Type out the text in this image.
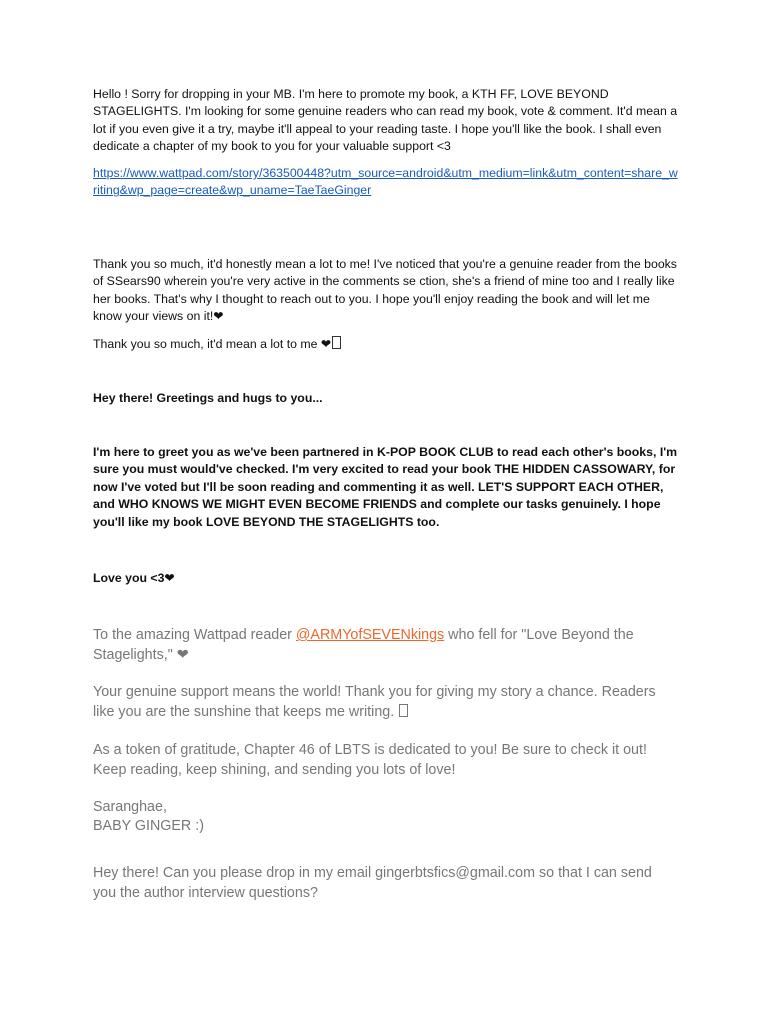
Hello ! Sorry for dropping in your MB. I'm here to promote my book, a KTH FF, LOVE BEYOND STAGELIGHTS. I'm looking for some genuine readers who can read my book, vote & comment. It'd mean a lot if you even give it a try, maybe it'll appeal to your reading taste. I hope you'll like the book. I shall even dedicate a chapter of my book to you for your valuable support <3

https://www.wattpad.com/story/363500448?utm_source=android&utm_medium=link&utm_content=share_writing&wp_page=create&wp_uname=TaeTaeGinger

Thank you so much, it'd honestly mean a lot to me! I've noticed that you're a genuine reader from the books of SSears90 wherein you're very active in the comments se ction, she's a friend of mine too and I really like her books. That's why I thought to reach out to you. I hope you'll enjoy reading the book and will let me know your views on it!❤

Thank you so much, it'd mean a lot to me ❤

Hey there! Greetings and hugs to you...

I'm here to greet you as we've been partnered in K-POP BOOK CLUB to read each other's books, I'm sure you must would've checked. I'm very excited to read your book THE HIDDEN CASSOWARY, for now I've voted but I'll be soon reading and commenting it as well. LET'S SUPPORT EACH OTHER, and WHO KNOWS WE MIGHT EVEN BECOME FRIENDS and complete our tasks genuinely. I hope you'll like my book LOVE BEYOND THE STAGELIGHTS too.

Love you <3❤

To the amazing Wattpad reader @ARMYofSEVENkings who fell for "Love Beyond the Stagelights," ❤

Your genuine support means the world! Thank you for giving my story a chance. Readers like you are the sunshine that keeps me writing.

As a token of gratitude, Chapter 46 of LBTS is dedicated to you! Be sure to check it out! Keep reading, keep shining, and sending you lots of love!

Saranghae,

BABY GINGER :)

Hey there! Can you please drop in my email gingerbtsfics@gmail.com so that I can send you the author interview questions?
